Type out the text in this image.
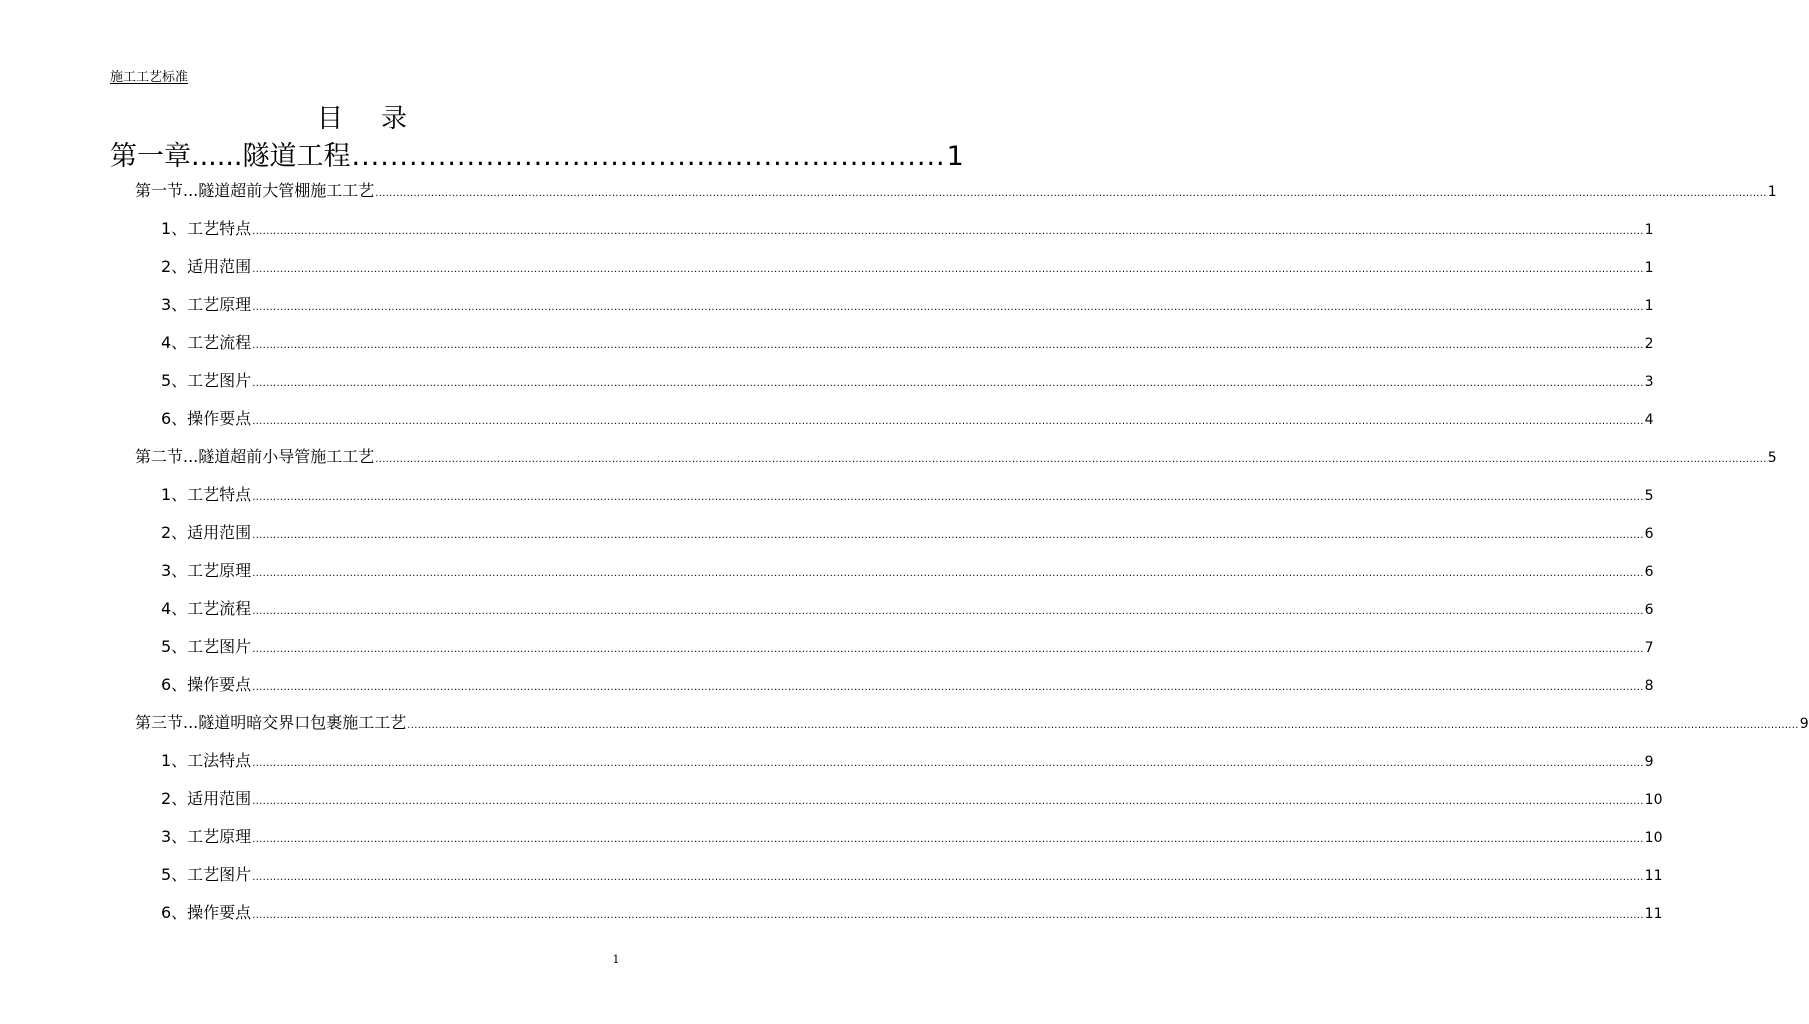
施工工艺标准
目 录
第一章......隧道工程 .............................................................. 1
第一节...隧道超前大管棚施工工艺 ................................................................................................................................................................................................................................................................................................................................................................................................................ 1
1、工艺特点 ................................................................................................................................................................................................................................................................................................................................................................................................................ 1
2、适用范围 ................................................................................................................................................................................................................................................................................................................................................................................................................ 1
3、工艺原理 ................................................................................................................................................................................................................................................................................................................................................................................................................ 1
4、工艺流程 ................................................................................................................................................................................................................................................................................................................................................................................................................ 2
5、工艺图片 ................................................................................................................................................................................................................................................................................................................................................................................................................ 3
6、操作要点 ................................................................................................................................................................................................................................................................................................................................................................................................................ 4
第二节...隧道超前小导管施工工艺 ................................................................................................................................................................................................................................................................................................................................................................................................................ 5
1、工艺特点 ................................................................................................................................................................................................................................................................................................................................................................................................................ 5
2、适用范围 ................................................................................................................................................................................................................................................................................................................................................................................................................ 6
3、工艺原理 ................................................................................................................................................................................................................................................................................................................................................................................................................ 6
4、工艺流程 ................................................................................................................................................................................................................................................................................................................................................................................................................ 6
5、工艺图片 ................................................................................................................................................................................................................................................................................................................................................................................................................ 7
6、操作要点 ................................................................................................................................................................................................................................................................................................................................................................................................................ 8
第三节...隧道明暗交界口包裹施工工艺 ................................................................................................................................................................................................................................................................................................................................................................................................................ 9
1、工法特点 ................................................................................................................................................................................................................................................................................................................................................................................................................ 9
2、适用范围 ................................................................................................................................................................................................................................................................................................................................................................................................................ 10
3、工艺原理 ................................................................................................................................................................................................................................................................................................................................................................................................................ 10
5、工艺图片 ................................................................................................................................................................................................................................................................................................................................................................................................................ 11
6、操作要点 ................................................................................................................................................................................................................................................................................................................................................................................................................ 11
1
